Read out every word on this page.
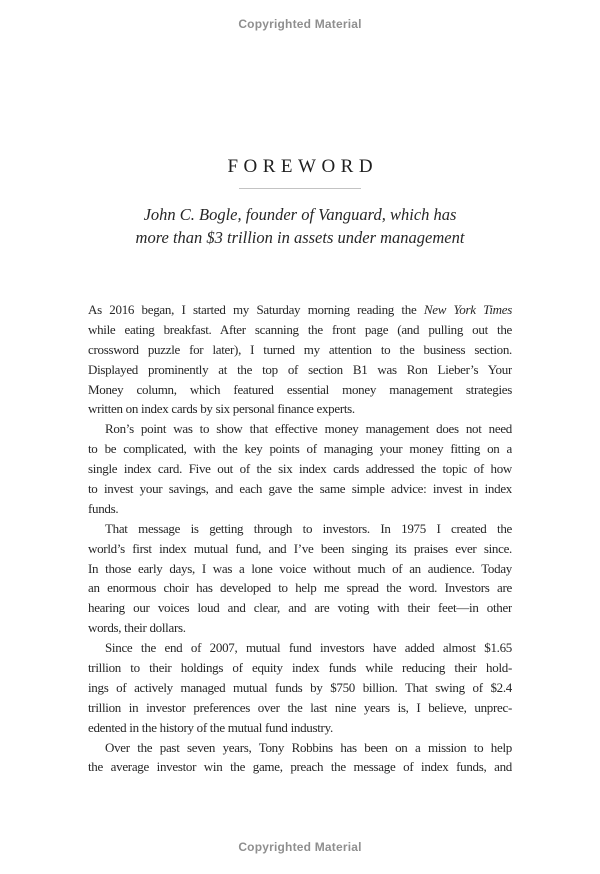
Copyrighted Material
FOREWORD
John C. Bogle, founder of Vanguard, which has
more than $3 trillion in assets under management
As 2016 began, I started my Saturday morning reading the New York Times
while eating breakfast. After scanning the front page (and pulling out the
crossword puzzle for later), I turned my attention to the business section.
Displayed prominently at the top of section B1 was Ron Lieber’s Your
Money column, which featured essential money management strategies
written on index cards by six personal finance experts.
Ron’s point was to show that effective money management does not need
to be complicated, with the key points of managing your money fitting on a
single index card. Five out of the six index cards addressed the topic of how
to invest your savings, and each gave the same simple advice: invest in index
funds.
That message is getting through to investors. In 1975 I created the
world’s first index mutual fund, and I’ve been singing its praises ever since.
In those early days, I was a lone voice without much of an audience. Today
an enormous choir has developed to help me spread the word. Investors are
hearing our voices loud and clear, and are voting with their feet—in other
words, their dollars.
Since the end of 2007, mutual fund investors have added almost $1.65
trillion to their holdings of equity index funds while reducing their hold-
ings of actively managed mutual funds by $750 billion. That swing of $2.4
trillion in investor preferences over the last nine years is, I believe, unprec-
edented in the history of the mutual fund industry.
Over the past seven years, Tony Robbins has been on a mission to help
the average investor win the game, preach the message of index funds, and
Copyrighted Material
